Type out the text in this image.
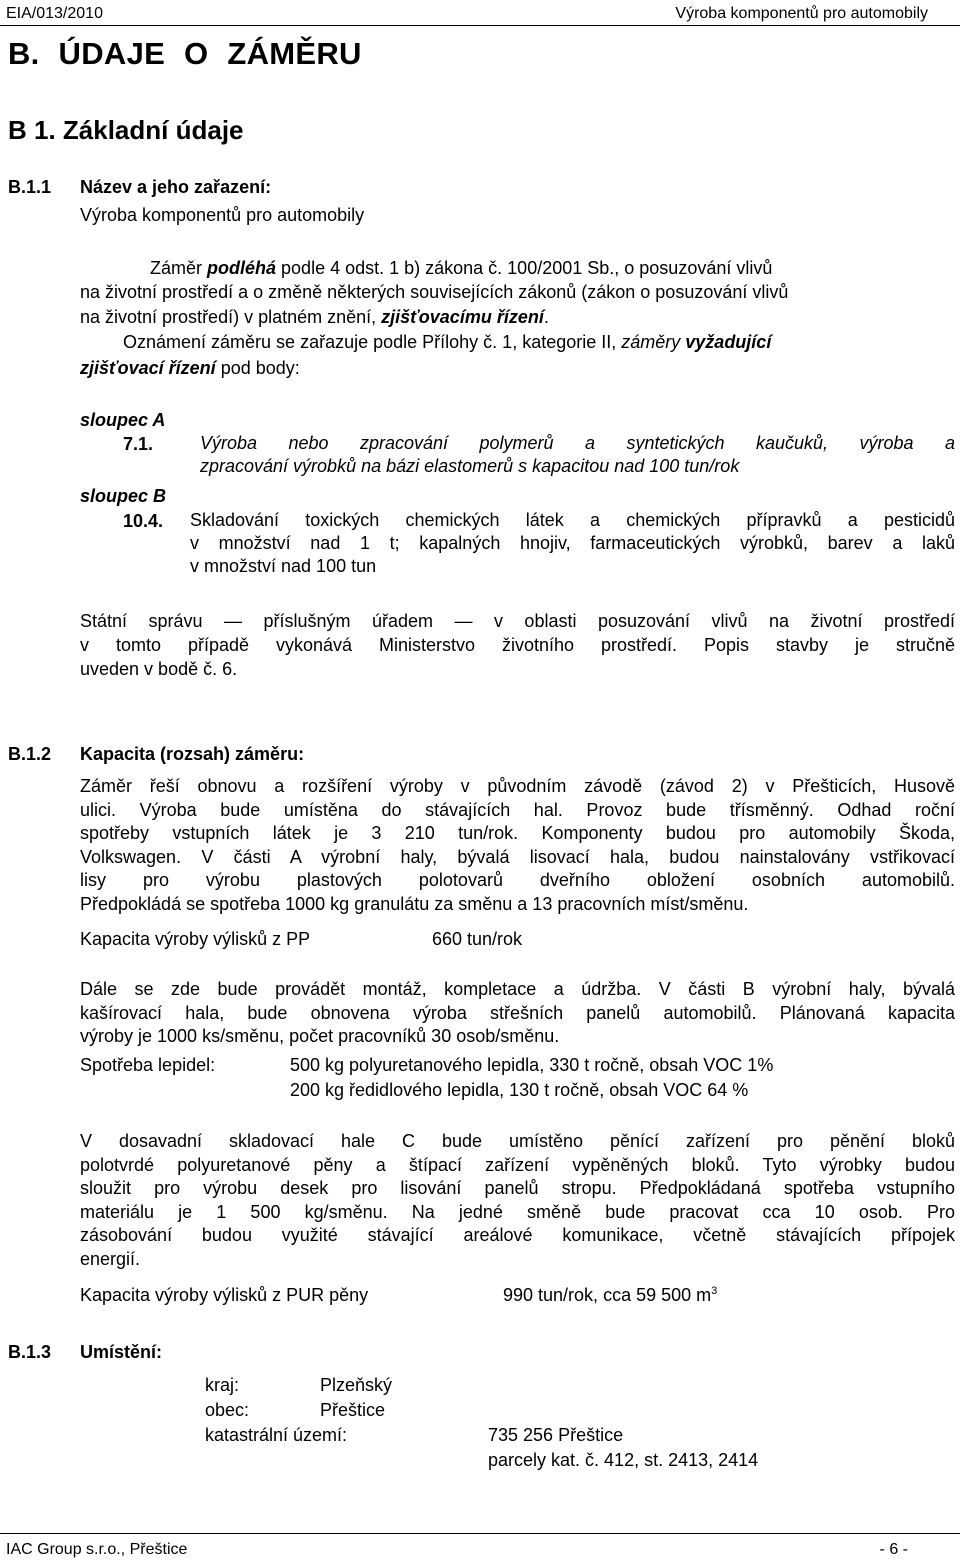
EIA/013/2010	Výroba komponentů pro automobily
B. ÚDAJE O ZÁMĚRU
B 1. Základní údaje
B.1.1 Název a jeho zařazení:
Výroba komponentů pro automobily
Záměr podléhá podle 4 odst. 1 b) zákona č. 100/2001 Sb., o posuzování vlivů
na životní prostředí a o změně některých souvisejících zákonů (zákon o posuzování vlivů
na životní prostředí) v platném znění, zjišťovacímu řízení.
Oznámení záměru se zařazuje podle Přílohy č. 1, kategorie II, záměry vyžadující
zjišťovací řízení pod body:
sloupec A
7.1.	Výroba nebo zpracování polymerů a syntetických kaučuků, výroba a
zpracování výrobků na bázi elastomerů s kapacitou nad 100 tun/rok
sloupec B
10.4. Skladování toxických chemických látek a chemických přípravků a pesticidů
v množství nad 1 t; kapalných hnojiv, farmaceutických výrobků, barev a laků
v množství nad 100 tun
Státní správu — příslušným úřadem — v oblasti posuzování vlivů na životní prostředí
v tomto případě vykonává Ministerstvo životního prostředí. Popis stavby je stručně
uveden v bodě č. 6.
B.1.2 Kapacita (rozsah) záměru:
Záměr řeší obnovu a rozšíření výroby v původním závodě (závod 2) v Přešticích, Husově
ulici. Výroba bude umístěna do stávajících hal. Provoz bude třísměnný. Odhad roční
spotřeby vstupních látek je 3 210 tun/rok. Komponenty budou pro automobily Škoda,
Volkswagen. V části A výrobní haly, bývalá lisovací hala, budou nainstalovány vstřikovací
lisy pro výrobu plastových polotovarů dveřního obložení osobních automobilů.
Předpokládá se spotřeba 1000 kg granulátu za směnu a 13 pracovních míst/směnu.
Kapacita výroby výlisků z PP	660 tun/rok
Dále se zde bude provádět montáž, kompletace a údržba. V části B výrobní haly, bývalá
kašírovací hala, bude obnovena výroba střešních panelů automobilů. Plánovaná kapacita
výroby je 1000 ks/směnu, počet pracovníků 30 osob/směnu.
Spotřeba lepidel:	500 kg polyuretanového lepidla, 330 t ročně, obsah VOC 1%
200 kg ředidlového lepidla, 130 t ročně, obsah VOC 64 %
V dosavadní skladovací hale C bude umístěno pěnící zařízení pro pěnění bloků
polotvrdé polyuretanové pěny a štípací zařízení vypěněných bloků. Tyto výrobky budou
sloužit pro výrobu desek pro lisování panelů stropu. Předpokládaná spotřeba vstupního
materiálu je 1 500 kg/směnu. Na jedné směně bude pracovat cca 10 osob. Pro
zásobování budou využité stávající areálové komunikace, včetně stávajících přípojek
energií.
Kapacita výroby výlisků z PUR pěny	990 tun/rok, cca 59 500 $m^3$
B.1.3 Umístění:
kraj:	Plzeňský
obec:	Přeštice
katastrální území:	735 256 Přeštice
parcely kat. č. 412, st. 2413, 2414
IAC Group s.r.o., Přeštice	- 6 -
